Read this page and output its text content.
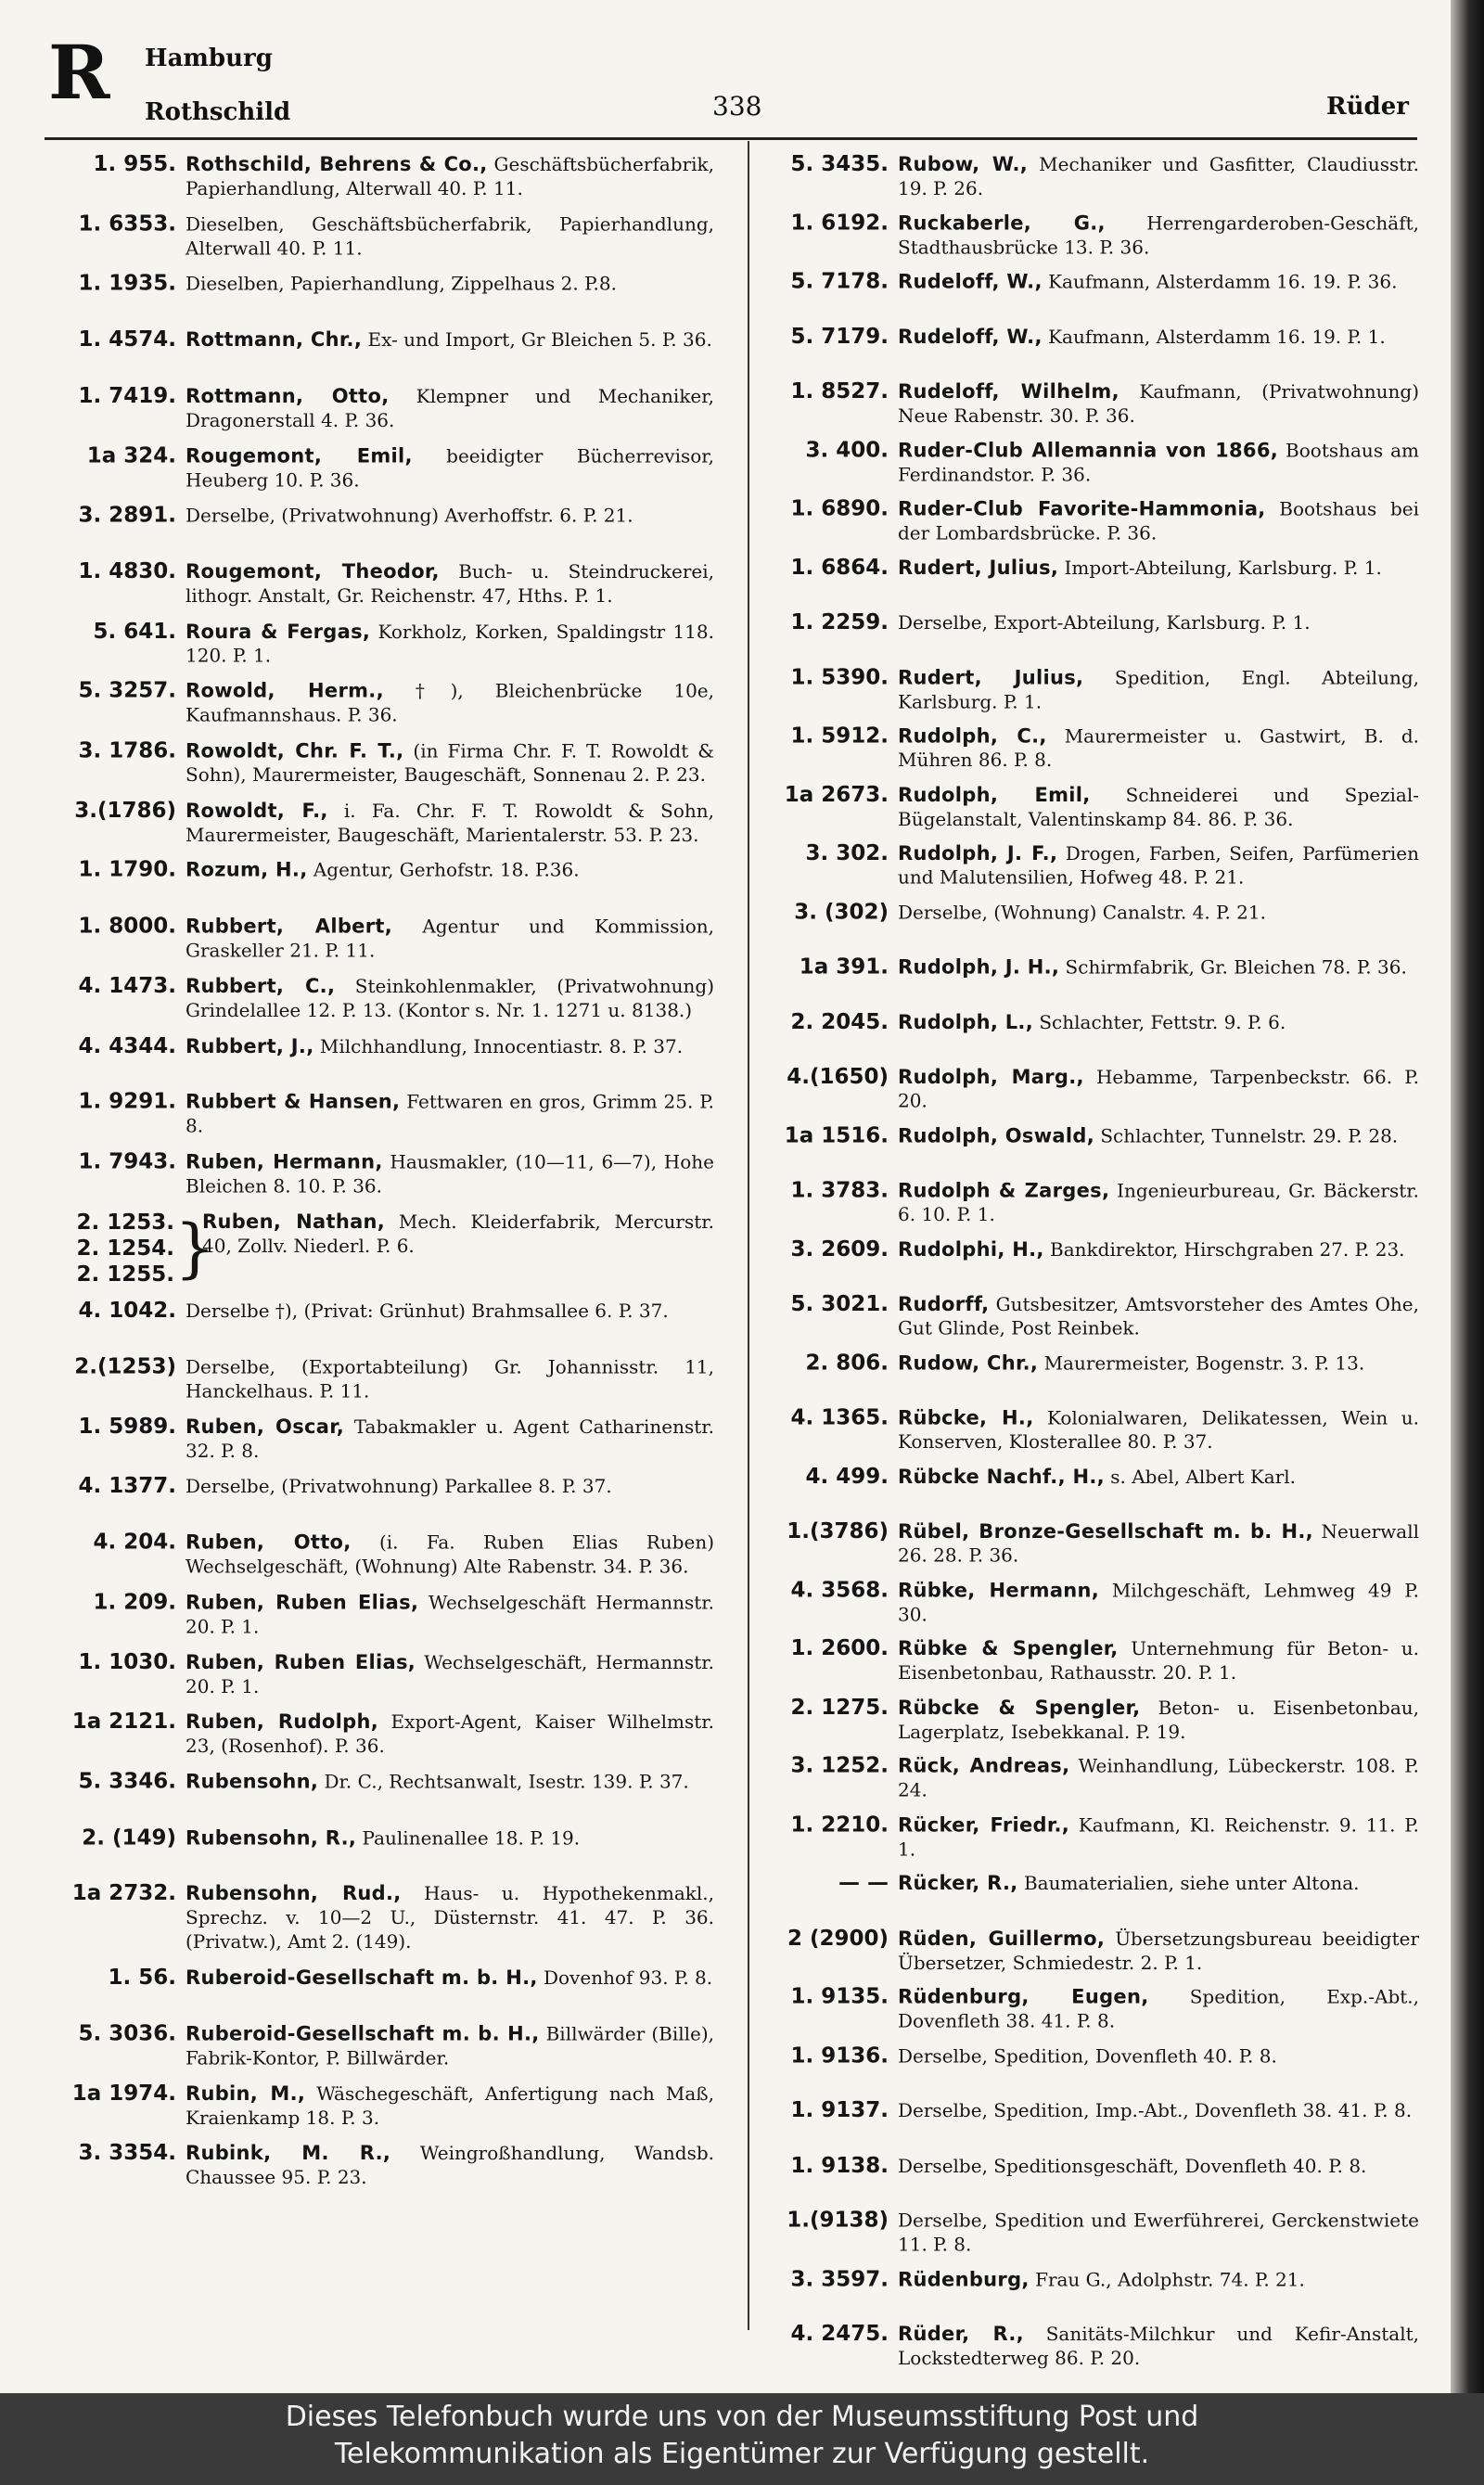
R Hamburg
Rothschild	338	Rüder
1. 955. Rothschild, Behrens & Co., Geschäftsbücherfabrik, Papierhandlung, Alterwall 40. P. 11.
1. 6353. Dieselben, Geschäftsbücherfabrik, Papierhandlung, Alterwall 40. P. 11.
1. 1935. Dieselben, Papierhandlung, Zippelhaus 2. P.8.
1. 4574. Rottmann, Chr., Ex- und Import, Gr Bleichen 5. P. 36.
1. 7419. Rottmann, Otto, Klempner und Mechaniker, Dragonerstall 4. P. 36.
1a 324. Rougemont, Emil, beeidigter Bücherrevisor, Heuberg 10. P. 36.
3. 2891. Derselbe, (Privatwohnung) Averhoffstr. 6. P. 21.
1. 4830. Rougemont, Theodor, Buch- u. Steindruckerei, lithogr. Anstalt, Gr. Reichenstr. 47, Hths. P. 1.
5. 641. Roura & Fergas, Korkholz, Korken, Spaldingstr 118. 120. P. 1.
5. 3257. Rowold, Herm., †), Bleichenbrücke 10e, Kaufmannshaus. P. 36.
3. 1786. Rowoldt, Chr. F. T., (in Firma Chr. F. T. Rowoldt & Sohn), Maurermeister, Baugeschäft, Sonnenau 2. P. 23.
3.(1786) Rowoldt, F., i. Fa. Chr. F. T. Rowoldt & Sohn, Maurermeister, Baugeschäft, Marientalerstr. 53. P. 23.
1. 1790. Rozum, H., Agentur, Gerhofstr. 18. P.36.
1. 8000. Rubbert, Albert, Agentur und Kommission, Graskeller 21. P. 11.
4. 1473. Rubbert, C., Steinkohlenmakler, (Privatwohnung) Grindelallee 12. P. 13. (Kontor s. Nr. 1. 1271 u. 8138.)
4. 4344. Rubbert, J., Milchhandlung, Innocentiastr. 8. P. 37.
1. 9291. Rubbert & Hansen, Fettwaren en gros, Grimm 25. P. 8.
1. 7943. Ruben, Hermann, Hausmakler, (10—11, 6—7), Hohe Bleichen 8. 10. P. 36.
2. 1253.
2. 1254.
2. 1255. }
Ruben, Nathan, Mech. Kleiderfabrik, Mercurstr. 40, Zollv. Niederl. P. 6.
4. 1042. Derselbe †), (Privat: Grünhut) Brahmsallee 6. P. 37.
2.(1253) Derselbe, (Exportabteilung) Gr. Johannisstr. 11, Hanckelhaus. P. 11.
1. 5989. Ruben, Oscar, Tabakmakler u. Agent Catharinenstr. 32. P. 8.
4. 1377. Derselbe, (Privatwohnung) Parkallee 8. P. 37.
4. 204. Ruben, Otto, (i. Fa. Ruben Elias Ruben) Wechselgeschäft, (Wohnung) Alte Rabenstr. 34. P. 36.
1. 209. Ruben, Ruben Elias, Wechselgeschäft Hermannstr. 20. P. 1.
1. 1030. Ruben, Ruben Elias, Wechselgeschäft, Hermannstr. 20. P. 1.
1a 2121. Ruben, Rudolph, Export-Agent, Kaiser Wilhelmstr. 23, (Rosenhof). P. 36.
5. 3346. Rubensohn, Dr. C., Rechtsanwalt, Isestr. 139. P. 37.
2. (149) Rubensohn, R., Paulinenallee 18. P. 19.
1a 2732. Rubensohn, Rud., Haus- u. Hypothekenmakl., Sprechz. v. 10—2 U., Düsternstr. 41. 47. P. 36. (Privatw.), Amt 2. (149).
1. 56. Ruberoid-Gesellschaft m. b. H., Dovenhof 93. P. 8.
5. 3036. Ruberoid-Gesellschaft m. b. H., Billwärder (Bille), Fabrik-Kontor, P. Billwärder.
1a 1974. Rubin, M., Wäschegeschäft, Anfertigung nach Maß, Kraienkamp 18. P. 3.
3. 3354. Rubink, M. R., Weingroßhandlung, Wandsb. Chaussee 95. P. 23.
5. 3435. Rubow, W., Mechaniker und Gasfitter, Claudiusstr. 19. P. 26.
1. 6192. Ruckaberle, G., Herrengarderoben-Geschäft, Stadthausbrücke 13. P. 36.
5. 7178. Rudeloff, W., Kaufmann, Alsterdamm 16. 19. P. 36.
5. 7179. Rudeloff, W., Kaufmann, Alsterdamm 16. 19. P. 1.
1. 8527. Rudeloff, Wilhelm, Kaufmann, (Privatwohnung) Neue Rabenstr. 30. P. 36.
3. 400. Ruder-Club Allemannia von 1866, Bootshaus am Ferdinandstor. P. 36.
1. 6890. Ruder-Club Favorite-Hammonia, Bootshaus bei der Lombardsbrücke. P. 36.
1. 6864. Rudert, Julius, Import-Abteilung, Karlsburg. P. 1.
1. 2259. Derselbe, Export-Abteilung, Karlsburg. P. 1.
1. 5390. Rudert, Julius, Spedition, Engl. Abteilung, Karlsburg. P. 1.
1. 5912. Rudolph, C., Maurermeister u. Gastwirt, B. d. Mühren 86. P. 8.
1a 2673. Rudolph, Emil, Schneiderei und Spezial-Bügelanstalt, Valentinskamp 84. 86. P. 36.
3. 302. Rudolph, J. F., Drogen, Farben, Seifen, Parfümerien und Malutensilien, Hofweg 48. P. 21.
3. (302) Derselbe, (Wohnung) Canalstr. 4. P. 21.
1a 391. Rudolph, J. H., Schirmfabrik, Gr. Bleichen 78. P. 36.
2. 2045. Rudolph, L., Schlachter, Fettstr. 9. P. 6.
4.(1650) Rudolph, Marg., Hebamme, Tarpenbeckstr. 66. P. 20.
1a 1516. Rudolph, Oswald, Schlachter, Tunnelstr. 29. P. 28.
1. 3783. Rudolph & Zarges, Ingenieurbureau, Gr. Bäckerstr. 6. 10. P. 1.
3. 2609. Rudolphi, H., Bankdirektor, Hirschgraben 27. P. 23.
5. 3021. Rudorff, Gutsbesitzer, Amtsvorsteher des Amtes Ohe, Gut Glinde, Post Reinbek.
2. 806. Rudow, Chr., Maurermeister, Bogenstr. 3. P. 13.
4. 1365. Rübcke, H., Kolonialwaren, Delikatessen, Wein u. Konserven, Klosterallee 80. P. 37.
4. 499. Rübcke Nachf., H., s. Abel, Albert Karl.
1.(3786) Rübel, Bronze-Gesellschaft m. b. H., Neuerwall 26. 28. P. 36.
4. 3568. Rübke, Hermann, Milchgeschäft, Lehmweg 49 P. 30.
1. 2600. Rübke & Spengler, Unternehmung für Beton- u. Eisenbetonbau, Rathausstr. 20. P. 1.
2. 1275. Rübcke & Spengler, Beton- u. Eisenbetonbau, Lagerplatz, Isebekkanal. P. 19.
3. 1252. Rück, Andreas, Weinhandlung, Lübeckerstr. 108. P. 24.
1. 2210. Rücker, Friedr., Kaufmann, Kl. Reichenstr. 9. 11. P. 1.
— — Rücker, R., Baumaterialien, siehe unter Altona.
2 (2900) Rüden, Guillermo, Übersetzungsbureau beeidigter Übersetzer, Schmiedestr. 2. P. 1.
1. 9135. Rüdenburg, Eugen, Spedition, Exp.-Abt., Dovenfleth 38. 41. P. 8.
1. 9136. Derselbe, Spedition, Dovenfleth 40. P. 8.
1. 9137. Derselbe, Spedition, Imp.-Abt., Dovenfleth 38. 41. P. 8.
1. 9138. Derselbe, Speditionsgeschäft, Dovenfleth 40. P. 8.
1.(9138) Derselbe, Spedition und Ewerführerei, Gerckenstwiete 11. P. 8.
3. 3597. Rüdenburg, Frau G., Adolphstr. 74. P. 21.
4. 2475. Rüder, R., Sanitäts-Milchkur und Kefir-Anstalt, Lockstedterweg 86. P. 20.
Dieses Telefonbuch wurde uns von der Museumsstiftung Post und
Telekommunikation als Eigentümer zur Verfügung gestellt.
